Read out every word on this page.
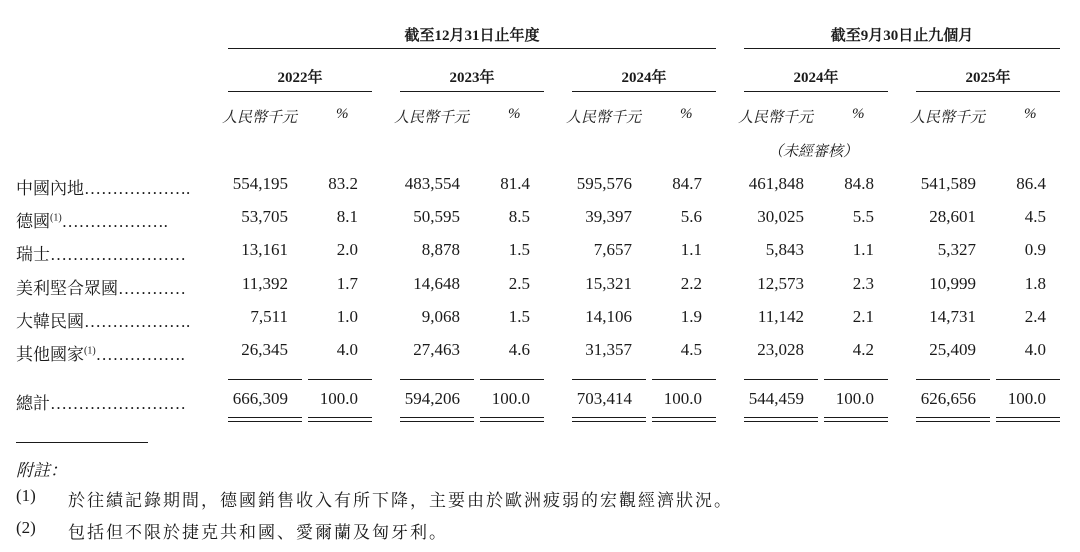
截至12月31日止年度	截至9月30日止九個月
2022年	2023年	2024年	2024年	2025年
人民幣千元	%	人民幣千元	%	人民幣千元	%	人民幣千元	%	人民幣千元	%
（未經審核）
中國內地……………….	554,195 83.2	483,554 81.4	595,576 84.7	461,848 84.8	541,589 86.4
德國$^{(1)}$……………….	53,705	8.1	50,595	8.5	39,397	5.6	30,025	5.5	28,601	4.5
瑞士……………………	13,161	2.0	8,878	1.5	7,657	1.1	5,843	1.1	5,327	0.9
美利堅合眾國…………	11,392	1.7	14,648	2.5	15,321	2.2	12,573	2.3	10,999	1.8
大韓民國……………….	7,511	1.0	9,068	1.5	14,106	1.9	11,142	2.1	14,731	2.4
其他國家$^{(1)}$…………….	26,345	4.0	27,463	4.6	31,357	4.5	23,028	4.2	25,409	4.0
總計……………………	666,309 100.0	594,206 100.0	703,414 100.0	544,459 100.0	626,656 100.0
附註：
(1) 於往績記錄期間，德國銷售收入有所下降，主要由於歐洲疲弱的宏觀經濟狀況。
(2) 包括但不限於捷克共和國、愛爾蘭及匈牙利。
